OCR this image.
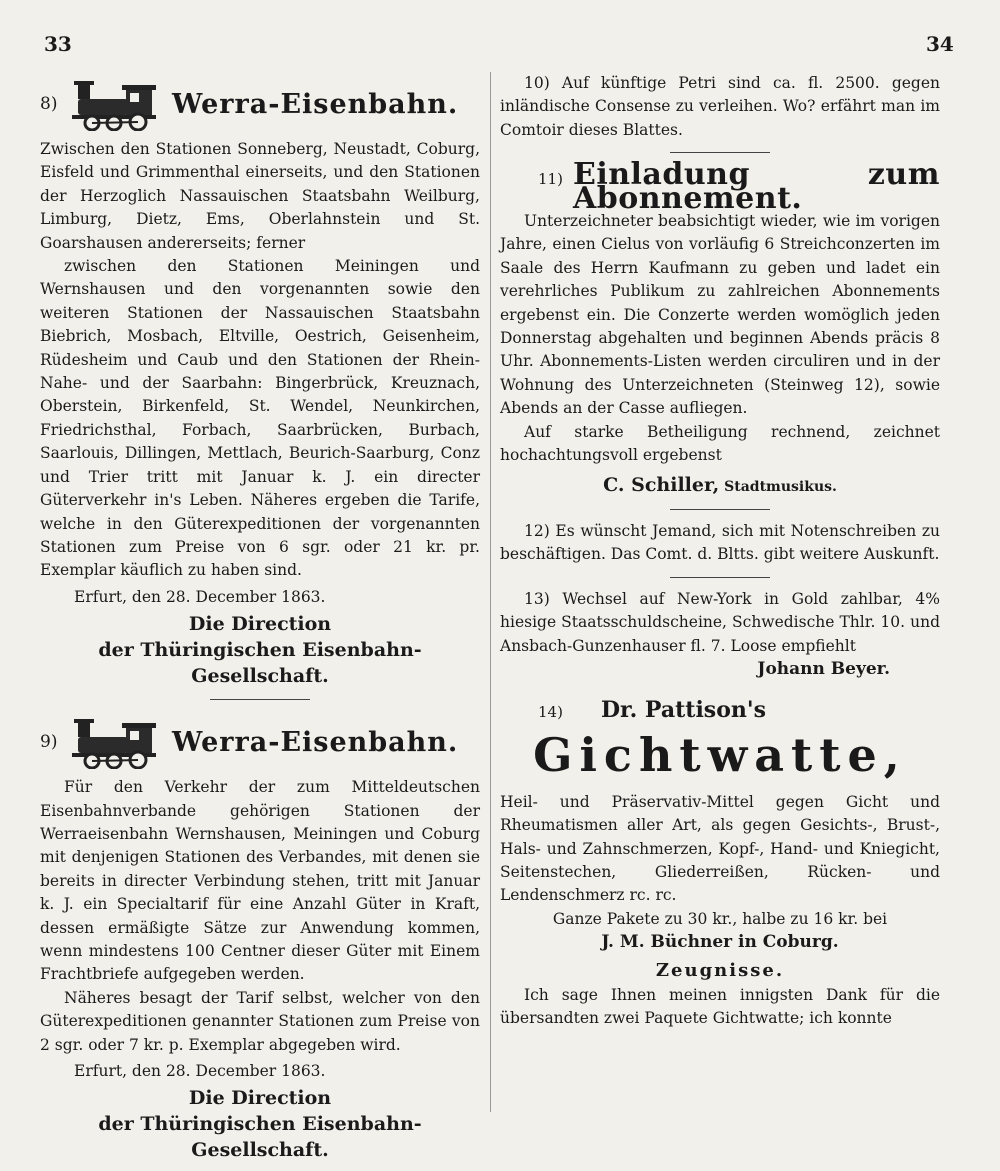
33	34
8)	Werra-Eisenbahn.

Zwischen den Stationen Sonneberg, Neustadt, Coburg, Eisfeld und Grimmenthal einerseits, und den Stationen der Herzoglich Nassauischen Staatsbahn Weilburg, Limburg, Dietz, Ems, Oberlahnstein und St. Goarshausen andererseits; ferner

zwischen den Stationen Meiningen und Wernshausen und den vorgenannten sowie den weiteren Stationen der Nassauischen Staatsbahn Biebrich, Mosbach, Eltville, Oestrich, Geisenheim, Rüdesheim und Caub und den Stationen der Rhein-Nahe- und der Saarbahn: Bingerbrück, Kreuznach, Oberstein, Birkenfeld, St. Wendel, Neunkirchen, Friedrichsthal, Forbach, Saarbrücken, Burbach, Saarlouis, Dillingen, Mettlach, Beurich-Saarburg, Conz und Trier tritt mit Januar k. J. ein directer Güterverkehr in's Leben. Näheres ergeben die Tarife, welche in den Güterexpeditionen der vorgenannten Stationen zum Preise von 6 sgr. oder 21 kr. pr. Exemplar käuflich zu haben sind.

Erfurt, den 28. December 1863.

Die Direction
der Thüringischen Eisenbahn-
Gesellschaft.
9)	Werra-Eisenbahn.

Für den Verkehr der zum Mitteldeutschen Eisenbahnverbande gehörigen Stationen der Werraeisenbahn Wernshausen, Meiningen und Coburg mit denjenigen Stationen des Verbandes, mit denen sie bereits in directer Verbindung stehen, tritt mit Januar k. J. ein Specialtarif für eine Anzahl Güter in Kraft, dessen ermäßigte Sätze zur Anwendung kommen, wenn mindestens 100 Centner dieser Güter mit Einem Frachtbriefe aufgegeben werden.

Näheres besagt der Tarif selbst, welcher von den Güterexpeditionen genannter Stationen zum Preise von 2 sgr. oder 7 kr. p. Exemplar abgegeben wird.

Erfurt, den 28. December 1863.

Die Direction
der Thüringischen Eisenbahn-
Gesellschaft.

10) Auf künftige Petri sind ca. fl. 2500. gegen inländische Consense zu verleihen. Wo? erfährt man im Comtoir dieses Blattes.

11) Einladung zum Abonnement.

Unterzeichneter beabsichtigt wieder, wie im vorigen Jahre, einen Cielus von vorläufig 6 Streichconzerten im Saale des Herrn Kaufmann zu geben und ladet ein verehrliches Publikum zu zahlreichen Abonnements ergebenst ein. Die Conzerte werden womöglich jeden Donnerstag abgehalten und beginnen Abends präcis 8 Uhr. Abonnements-Listen werden circuliren und in der Wohnung des Unterzeichneten (Steinweg 12), sowie Abends an der Casse aufliegen.

Auf starke Betheiligung rechnend, zeichnet hochachtungsvoll ergebenst

C. Schiller, Stadtmusikus.

12) Es wünscht Jemand, sich mit Notenschreiben zu beschäftigen. Das Comt. d. Bltts. gibt weitere Auskunft.

13) Wechsel auf New-York in Gold zahlbar, 4% hiesige Staatsschuldscheine, Schwedische Thlr. 10. und Ansbach-Gunzenhauser fl. 7. Loose empfiehlt

Johann Beyer.

14) Dr. Pattison's
Gichtwatte,

Heil- und Präservativ-Mittel gegen Gicht und Rheumatismen aller Art, als gegen Gesichts-, Brust-, Hals- und Zahnschmerzen, Kopf-, Hand- und Kniegicht, Seitenstechen, Gliederreißen, Rücken- und Lendenschmerz rc. rc.

Ganze Pakete zu 30 kr., halbe zu 16 kr. bei

J. M. Büchner in Coburg.

Zeugnisse.

Ich sage Ihnen meinen innigsten Dank für die übersandten zwei Paquete Gichtwatte; ich konnte
